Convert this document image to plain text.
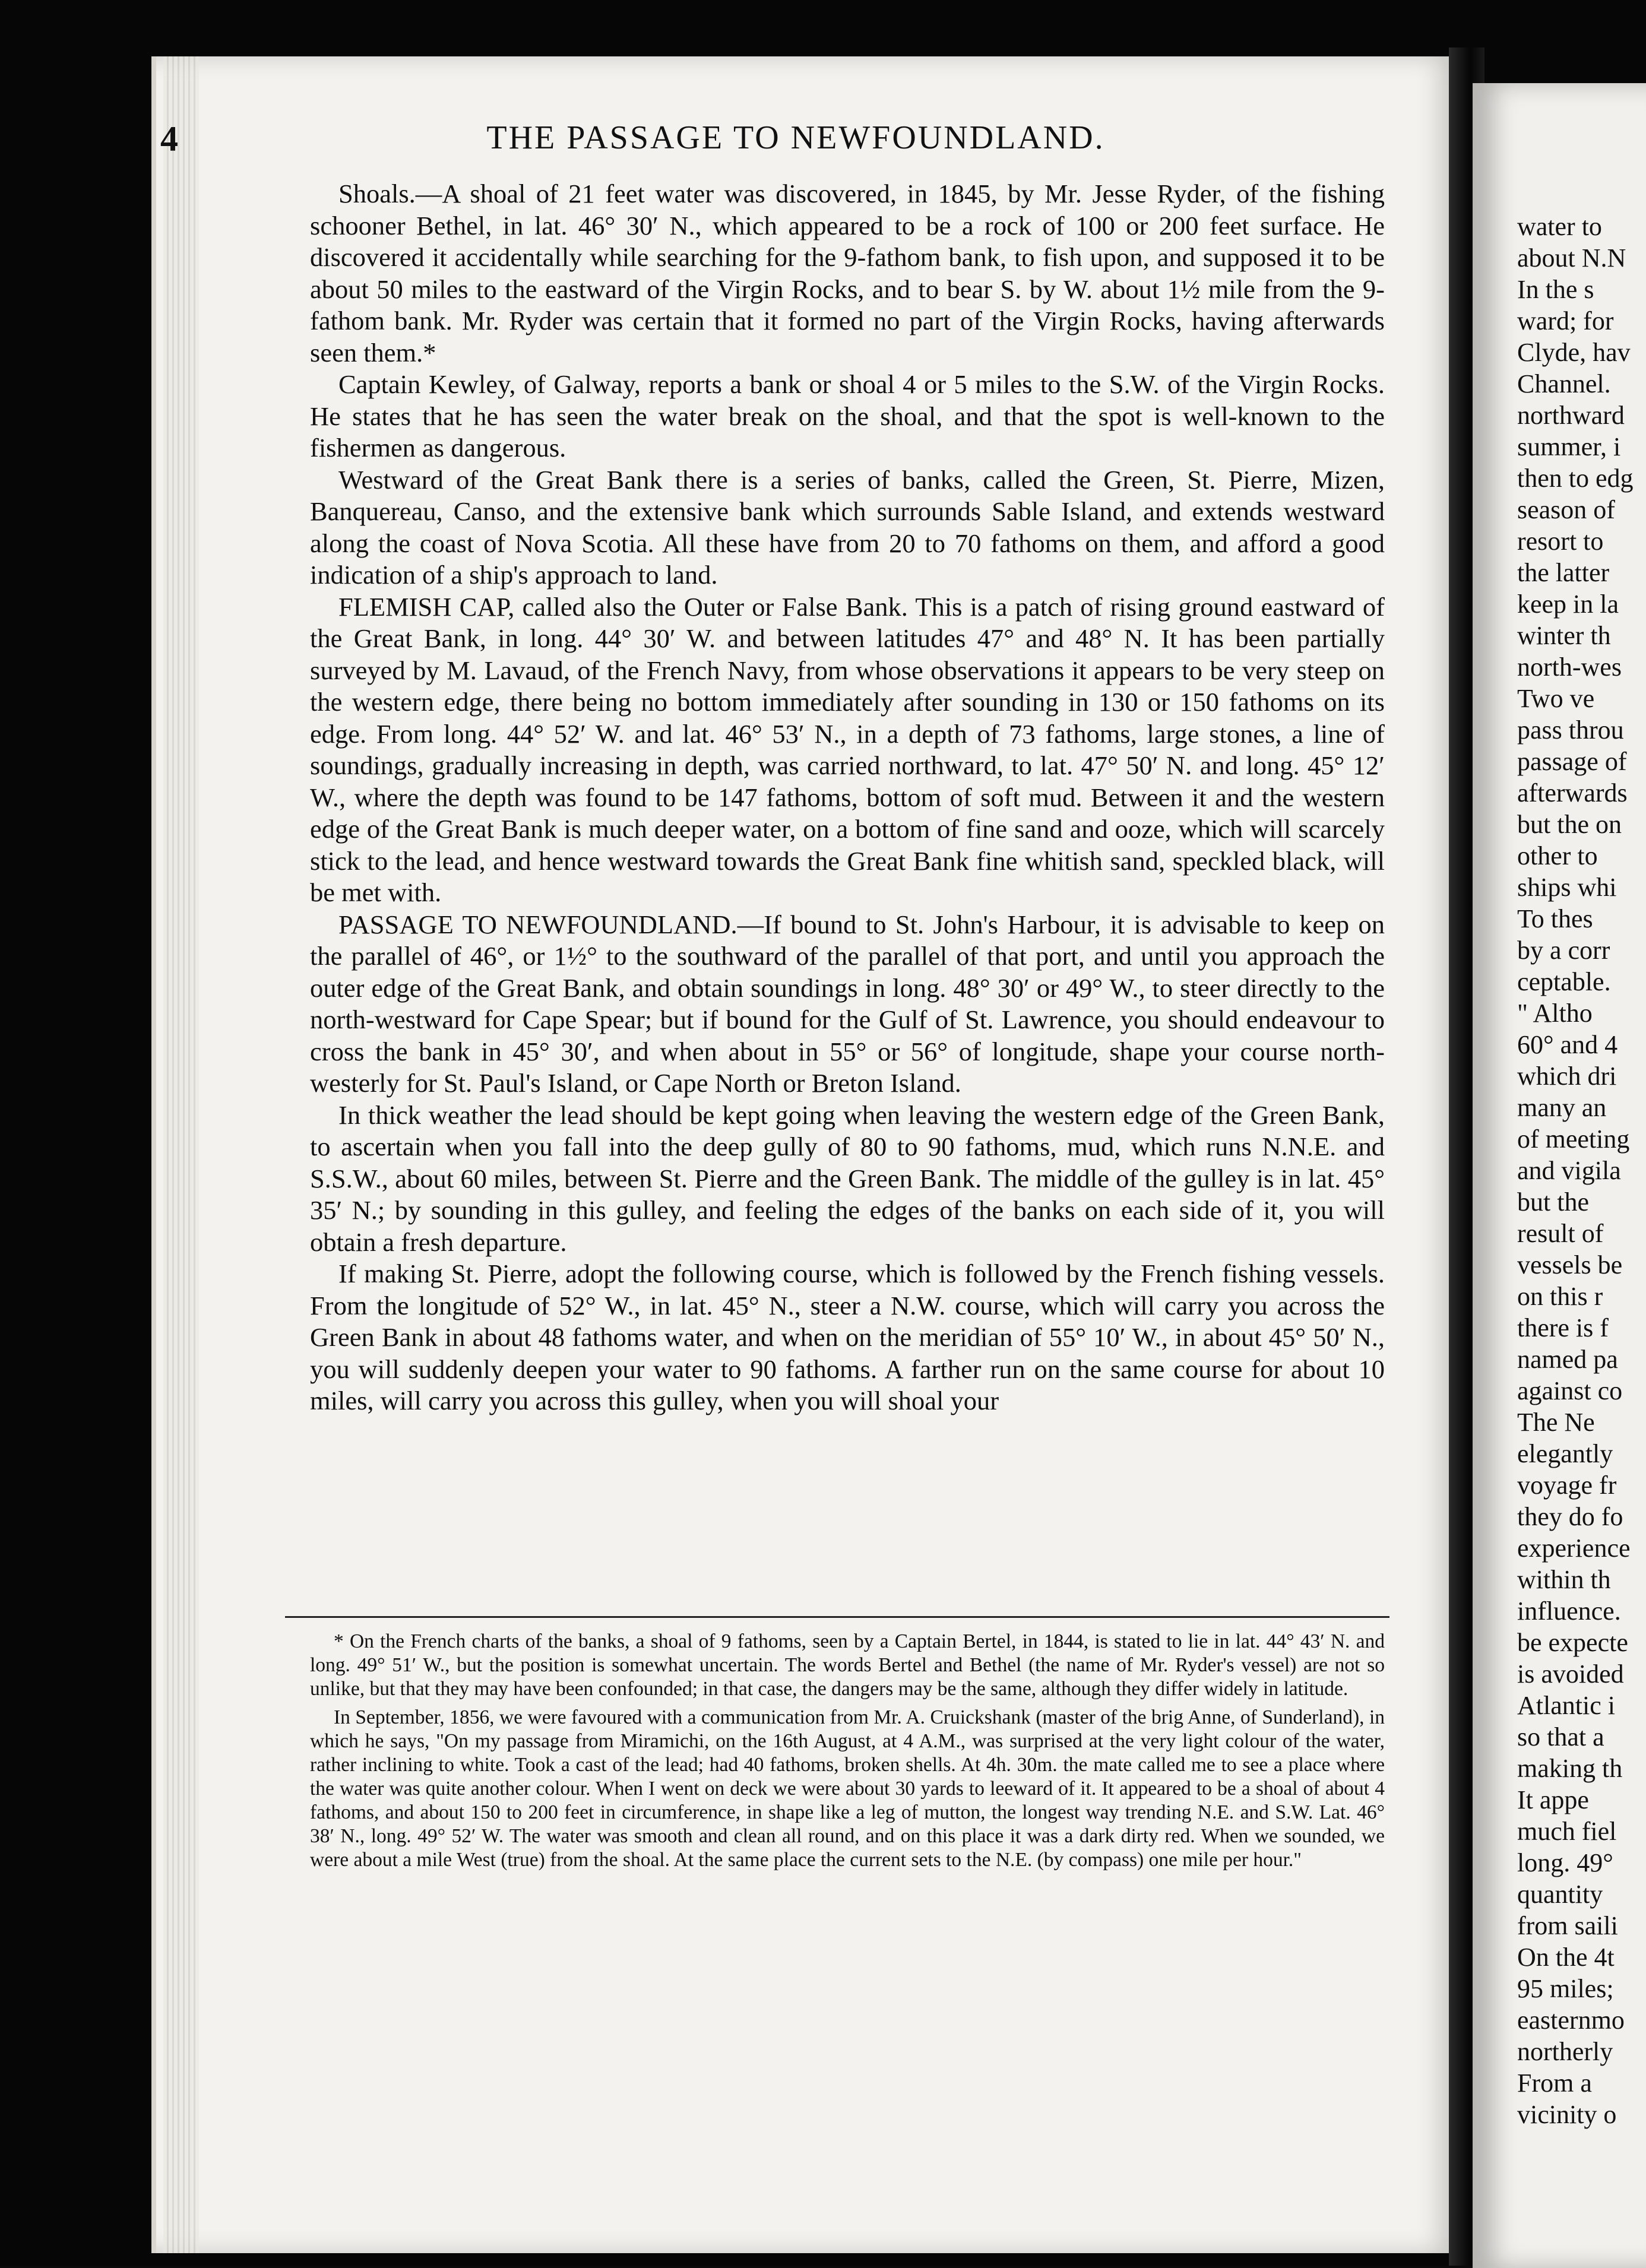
4	THE PASSAGE TO NEWFOUNDLAND.

Shoals.—A shoal of 21 feet water was discovered, in 1845, by Mr. Jesse Ryder, of the fishing schooner Bethel, in lat. 46° 30′ N., which appeared to be a rock of 100 or 200 feet surface. He discovered it accidentally while searching for the 9-fathom bank, to fish upon, and supposed it to be about 50 miles to the eastward of the Virgin Rocks, and to bear S. by W. about 1½ mile from the 9-fathom bank. Mr. Ryder was certain that it formed no part of the Virgin Rocks, having afterwards seen them.*

Captain Kewley, of Galway, reports a bank or shoal 4 or 5 miles to the S.W. of the Virgin Rocks. He states that he has seen the water break on the shoal, and that the spot is well-known to the fishermen as dangerous.

Westward of the Great Bank there is a series of banks, called the Green, St. Pierre, Mizen, Banquereau, Canso, and the extensive bank which surrounds Sable Island, and extends westward along the coast of Nova Scotia. All these have from 20 to 70 fathoms on them, and afford a good indication of a ship's approach to land.

FLEMISH CAP, called also the Outer or False Bank. This is a patch of rising ground eastward of the Great Bank, in long. 44° 30′ W. and between latitudes 47° and 48° N. It has been partially surveyed by M. Lavaud, of the French Navy, from whose observations it appears to be very steep on the western edge, there being no bottom immediately after sounding in 130 or 150 fathoms on its edge. From long. 44° 52′ W. and lat. 46° 53′ N., in a depth of 73 fathoms, large stones, a line of soundings, gradually increasing in depth, was carried northward, to lat. 47° 50′ N. and long. 45° 12′ W., where the depth was found to be 147 fathoms, bottom of soft mud. Between it and the western edge of the Great Bank is much deeper water, on a bottom of fine sand and ooze, which will scarcely stick to the lead, and hence westward towards the Great Bank fine whitish sand, speckled black, will be met with.

PASSAGE TO NEWFOUNDLAND.—If bound to St. John's Harbour, it is advisable to keep on the parallel of 46°, or 1½° to the southward of the parallel of that port, and until you approach the outer edge of the Great Bank, and obtain soundings in long. 48° 30′ or 49° W., to steer directly to the north-westward for Cape Spear; but if bound for the Gulf of St. Lawrence, you should endeavour to cross the bank in 45° 30′, and when about in 55° or 56° of longitude, shape your course north-westerly for St. Paul's Island, or Cape North or Breton Island.

In thick weather the lead should be kept going when leaving the western edge of the Green Bank, to ascertain when you fall into the deep gully of 80 to 90 fathoms, mud, which runs N.N.E. and S.S.W., about 60 miles, between St. Pierre and the Green Bank. The middle of the gulley is in lat. 45° 35′ N.; by sounding in this gulley, and feeling the edges of the banks on each side of it, you will obtain a fresh departure.

If making St. Pierre, adopt the following course, which is followed by the French fishing vessels. From the longitude of 52° W., in lat. 45° N., steer a N.W. course, which will carry you across the Green Bank in about 48 fathoms water, and when on the meridian of 55° 10′ W., in about 45° 50′ N., you will suddenly deepen your water to 90 fathoms. A farther run on the same course for about 10 miles, will carry you across this gulley, when you will shoal your

* On the French charts of the banks, a shoal of 9 fathoms, seen by a Captain Bertel, in 1844, is stated to lie in lat. 44° 43′ N. and long. 49° 51′ W., but the position is somewhat uncertain. The words Bertel and Bethel (the name of Mr. Ryder's vessel) are not so unlike, but that they may have been confounded; in that case, the dangers may be the same, although they differ widely in latitude.

In September, 1856, we were favoured with a communication from Mr. A. Cruickshank (master of the brig Anne, of Sunderland), in which he says, "On my passage from Miramichi, on the 16th August, at 4 A.M., was surprised at the very light colour of the water, rather inclining to white. Took a cast of the lead; had 40 fathoms, broken shells. At 4h. 30m. the mate called me to see a place where the water was quite another colour. When I went on deck we were about 30 yards to leeward of it. It appeared to be a shoal of about 4 fathoms, and about 150 to 200 feet in circumference, in shape like a leg of mutton, the longest way trending N.E. and S.W. Lat. 46° 38′ N., long. 49° 52′ W. The water was smooth and clean all round, and on this place it was a dark dirty red. When we sounded, we were about a mile West (true) from the shoal. At the same place the current sets to the N.E. (by compass) one mile per hour."

water to
about N.N
In the s
ward; for
Clyde, hav
Channel.
northward
summer, i
then to edg
season of
resort to
the latter
keep in la
winter th
north-wes
Two ve
pass throu
passage of
afterwards
but the on
other to
ships whi
To thes
by a corr
ceptable.
" Altho
60° and 4
which dri
many an
of meeting
and vigila
but the
result of
vessels be
on this r
there is f
named pa
against co
The Ne
elegantly
voyage fr
they do fo
experience
within th
influence.
be expecte
is avoided
Atlantic i
so that a
making th
It appe
much fiel
long. 49°
quantity
from saili
On the 4t
95 miles;
easternmo
northerly
From a
vicinity o
